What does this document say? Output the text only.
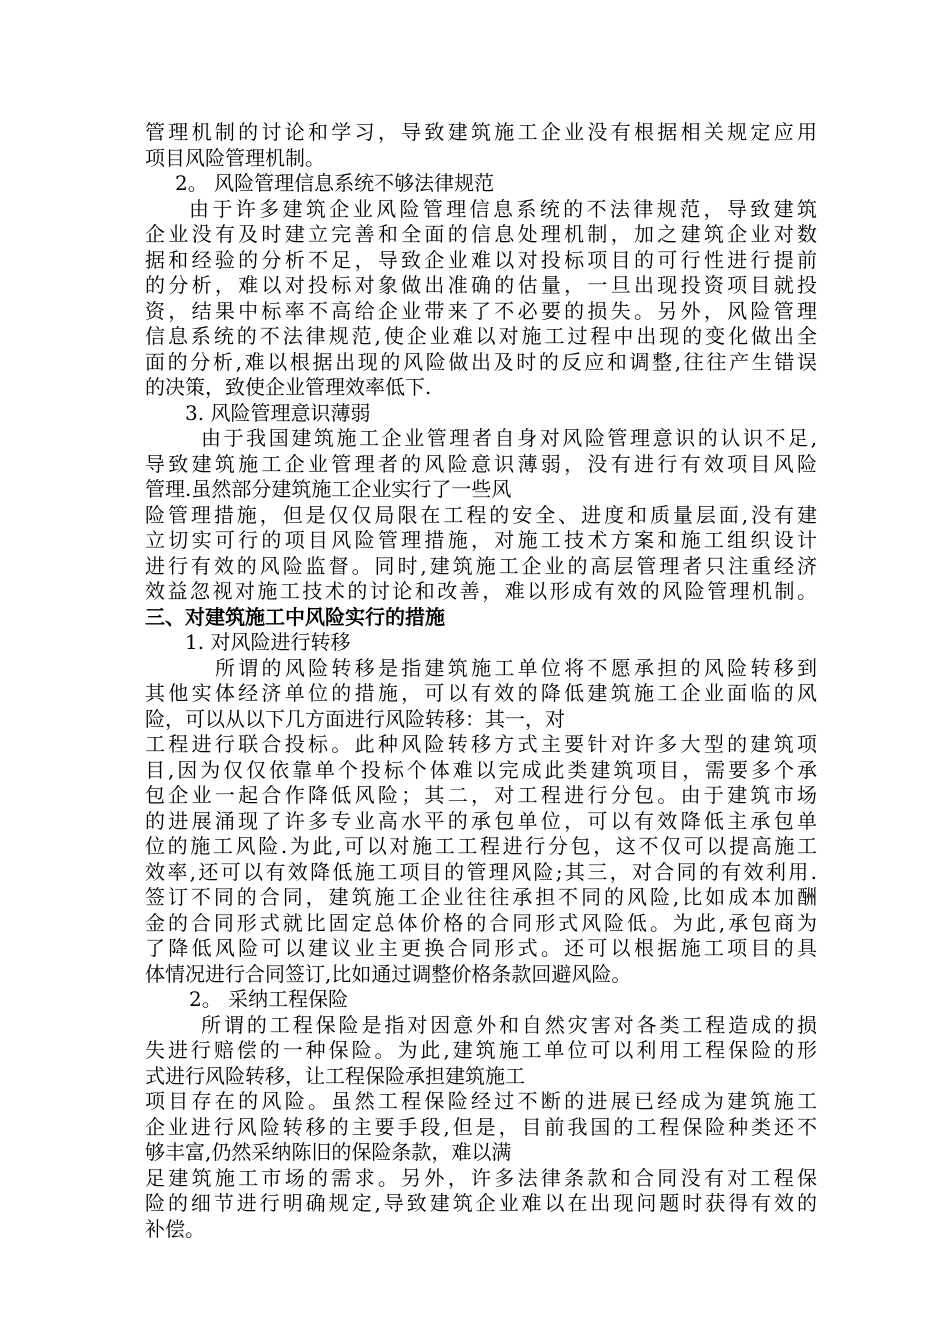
管理机制的讨论和学习，导致建筑施工企业没有根据相关规定应用
项目风险管理机制。
2。 风险管理信息系统不够法律规范
由于许多建筑企业风险管理信息系统的不法律规范，导致建筑
企业没有及时建立完善和全面的信息处理机制，加之建筑企业对数
据和经验的分析不足，导致企业难以对投标项目的可行性进行提前
的分析，难以对投标对象做出准确的估量，一旦出现投资项目就投
资，结果中标率不高给企业带来了不必要的损失。另外，风险管理
信息系统的不法律规范,使企业难以对施工过程中出现的变化做出全
面的分析,难以根据出现的风险做出及时的反应和调整,往往产生错误
的决策，致使企业管理效率低下.
3. 风险管理意识薄弱
由于我国建筑施工企业管理者自身对风险管理意识的认识不足,
导致建筑施工企业管理者的风险意识薄弱，没有进行有效项目风险
管理.虽然部分建筑施工企业实行了一些风
险管理措施，但是仅仅局限在工程的安全、进度和质量层面,没有建
立切实可行的项目风险管理措施，对施工技术方案和施工组织设计
进行有效的风险监督。同时,建筑施工企业的高层管理者只注重经济
效益忽视对施工技术的讨论和改善，难以形成有效的风险管理机制。
三、对建筑施工中风险实行的措施
1. 对风险进行转移
所谓的风险转移是指建筑施工单位将不愿承担的风险转移到
其他实体经济单位的措施，可以有效的降低建筑施工企业面临的风
险，可以从以下几方面进行风险转移：其一，对
工程进行联合投标。此种风险转移方式主要针对许多大型的建筑项
目,因为仅仅依靠单个投标个体难以完成此类建筑项目，需要多个承
包企业一起合作降低风险；其二，对工程进行分包。由于建筑市场
的进展涌现了许多专业高水平的承包单位，可以有效降低主承包单
位的施工风险.为此,可以对施工工程进行分包，这不仅可以提高施工
效率,还可以有效降低施工项目的管理风险;其三，对合同的有效利用.
签订不同的合同，建筑施工企业往往承担不同的风险,比如成本加酬
金的合同形式就比固定总体价格的合同形式风险低。为此,承包商为
了降低风险可以建议业主更换合同形式。还可以根据施工项目的具
体情况进行合同签订,比如通过调整价格条款回避风险。
2。 采纳工程保险
所谓的工程保险是指对因意外和自然灾害对各类工程造成的损
失进行赔偿的一种保险。为此,建筑施工单位可以利用工程保险的形
式进行风险转移，让工程保险承担建筑施工
项目存在的风险。虽然工程保险经过不断的进展已经成为建筑施工
企业进行风险转移的主要手段,但是，目前我国的工程保险种类还不
够丰富,仍然采纳陈旧的保险条款，难以满
足建筑施工市场的需求。另外，许多法律条款和合同没有对工程保
险的细节进行明确规定,导致建筑企业难以在出现问题时获得有效的
补偿。
